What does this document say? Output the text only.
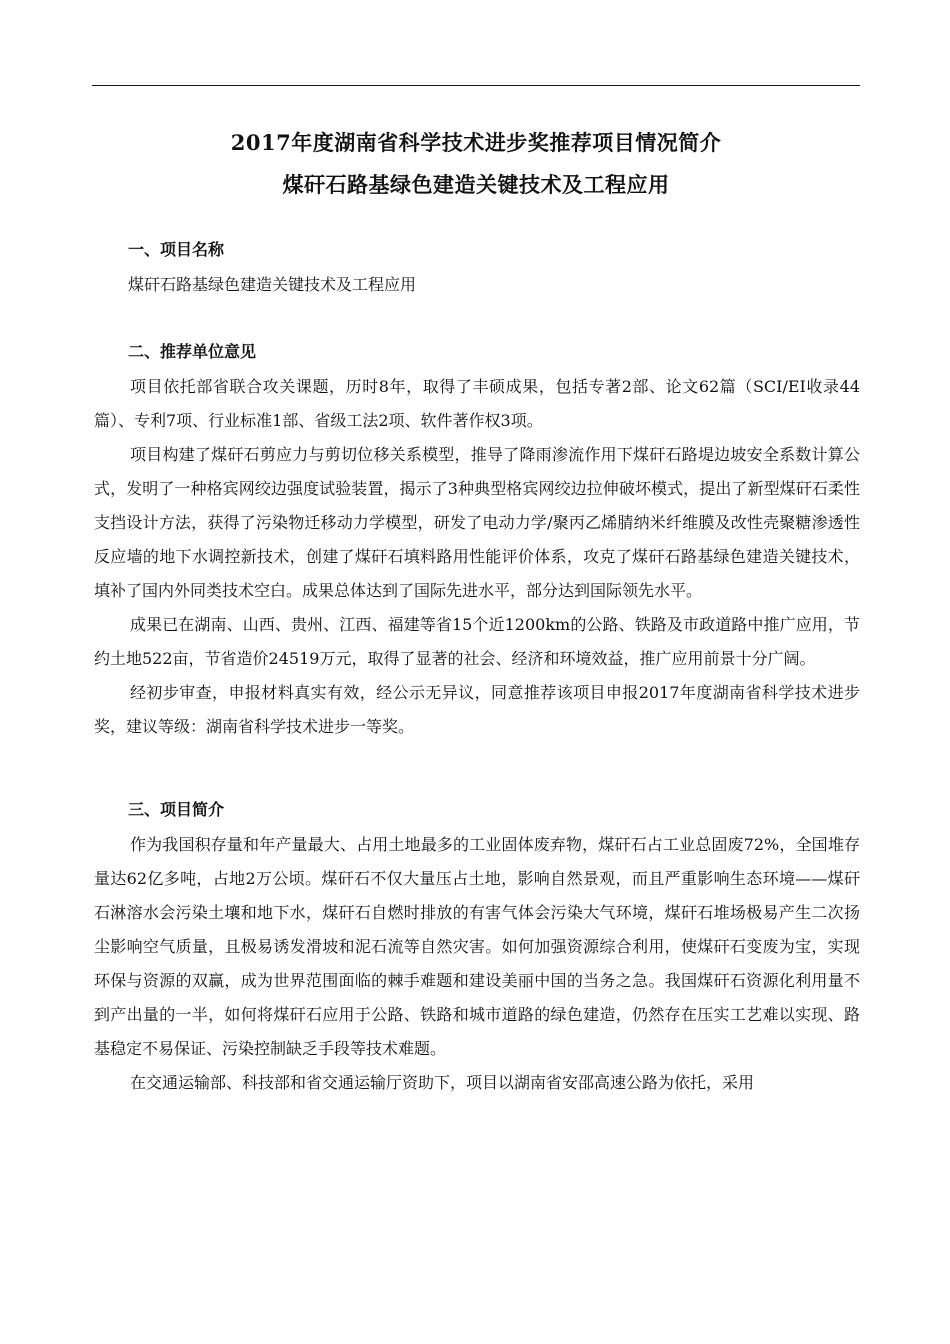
2017年度湖南省科学技术进步奖推荐项目情况简介
煤矸石路基绿色建造关键技术及工程应用

一、项目名称

煤矸石路基绿色建造关键技术及工程应用

二、推荐单位意见

项目依托部省联合攻关课题，历时8年，取得了丰硕成果，包括专著2部、论文62篇（SCI/EI收录44篇）、专利7项、行业标准1部、省级工法2项、软件著作权3项。

项目构建了煤矸石剪应力与剪切位移关系模型，推导了降雨渗流作用下煤矸石路堤边坡安全系数计算公式，发明了一种格宾网绞边强度试验装置，揭示了3种典型格宾网绞边拉伸破坏模式，提出了新型煤矸石柔性支挡设计方法，获得了污染物迁移动力学模型，研发了电动力学/聚丙乙烯腈纳米纤维膜及改性壳聚糖渗透性反应墙的地下水调控新技术，创建了煤矸石填料路用性能评价体系，攻克了煤矸石路基绿色建造关键技术，填补了国内外同类技术空白。成果总体达到了国际先进水平，部分达到国际领先水平。

成果已在湖南、山西、贵州、江西、福建等省15个近1200km的公路、铁路及市政道路中推广应用，节约土地522亩，节省造价24519万元，取得了显著的社会、经济和环境效益，推广应用前景十分广阔。

经初步审查，申报材料真实有效，经公示无异议，同意推荐该项目申报2017年度湖南省科学技术进步奖，建议等级：湖南省科学技术进步一等奖。

三、项目简介

作为我国积存量和年产量最大、占用土地最多的工业固体废弃物，煤矸石占工业总固废72%，全国堆存量达62亿多吨，占地2万公顷。煤矸石不仅大量压占土地，影响自然景观，而且严重影响生态环境——煤矸石淋溶水会污染土壤和地下水，煤矸石自燃时排放的有害气体会污染大气环境，煤矸石堆场极易产生二次扬尘影响空气质量，且极易诱发滑坡和泥石流等自然灾害。如何加强资源综合利用，使煤矸石变废为宝，实现环保与资源的双赢，成为世界范围面临的棘手难题和建设美丽中国的当务之急。我国煤矸石资源化利用量不到产出量的一半，如何将煤矸石应用于公路、铁路和城市道路的绿色建造，仍然存在压实工艺难以实现、路基稳定不易保证、污染控制缺乏手段等技术难题。

在交通运输部、科技部和省交通运输厅资助下，项目以湖南省安邵高速公路为依托，采用
